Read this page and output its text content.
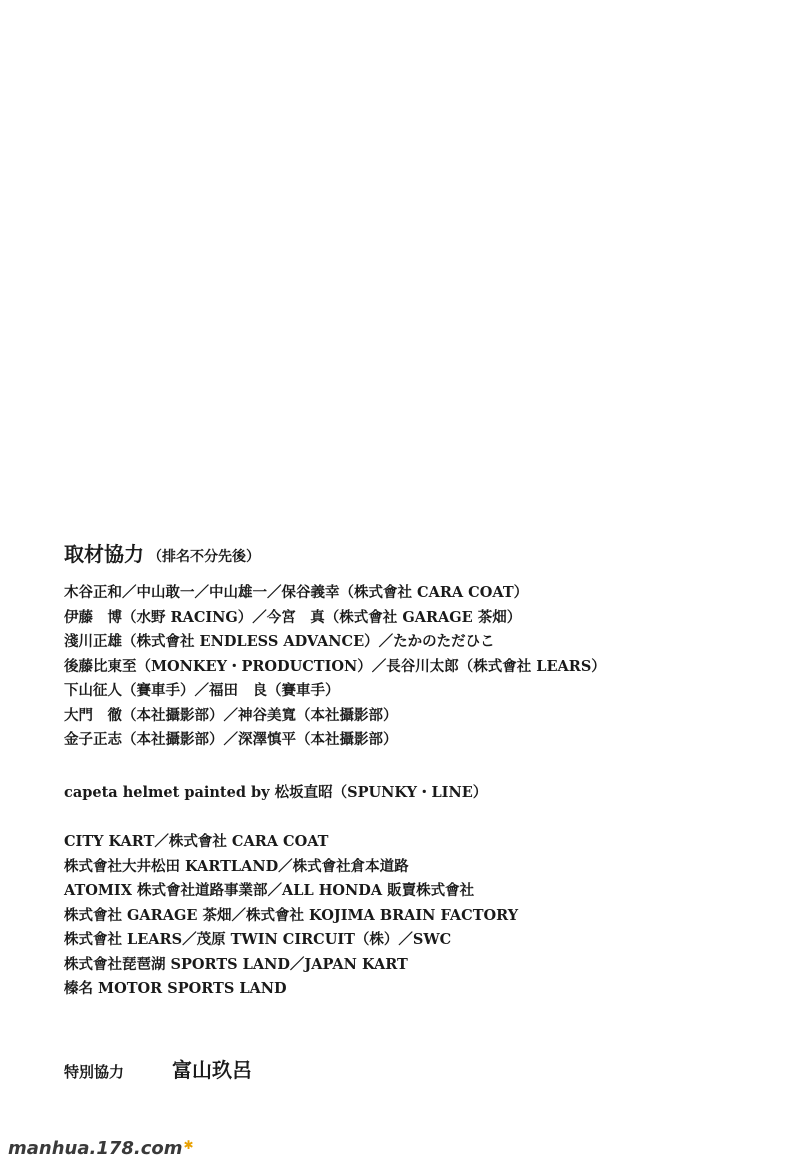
取材協力 （排名不分先後）
木谷正和／中山敢一／中山雄一／保谷義幸（株式會社 CARA COAT）
伊藤　博（水野 RACING）／今宮　真（株式會社 GARAGE 茶畑）
淺川正雄（株式會社 ENDLESS ADVANCE）／たかのただひこ
後藤比東至（MONKEY・PRODUCTION）／長谷川太郎（株式會社 LEARS）
下山征人（賽車手）／福田　良（賽車手）
大門　徹（本社攝影部）／神谷美寬（本社攝影部）
金子正志（本社攝影部）／深澤慎平（本社攝影部）
capeta helmet painted by 松坂直昭（SPUNKY・LINE）
CITY KART／株式會社 CARA COAT
株式會社大井松田 KARTLAND／株式會社倉本道路
ATOMIX 株式會社道路事業部／ALL HONDA 販賣株式會社
株式會社 GARAGE 茶畑／株式會社 KOJIMA BRAIN FACTORY
株式會社 LEARS／茂原 TWIN CIRCUIT（株）／SWC
株式會社琵琶湖 SPORTS LAND／JAPAN KART
榛名 MOTOR SPORTS LAND
特別協力 富山玖呂
manhua.178.com✱
